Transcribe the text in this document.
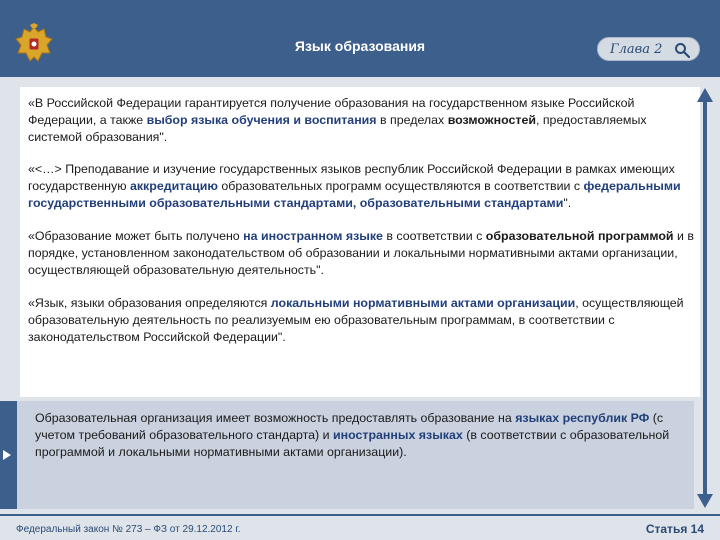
Язык образования	Глава 2

«В Российской Федерации гарантируется получение образования на государственном языке Российской Федерации, а также выбор языка обучения и воспитания в пределах возможностей, предоставляемых системой образования".

«<…> Преподавание и изучение государственных языков республик Российской Федерации в рамках имеющих государственную аккредитацию образовательных программ осуществляются в соответствии с федеральными государственными образовательными стандартами, образовательными стандартами".

«Образование может быть получено на иностранном языке в соответствии с образовательной программой и в порядке, установленном законодательством об образовании и локальными нормативными актами организации, осуществляющей образовательную деятельность".

«Язык, языки образования определяются локальными нормативными актами организации, осуществляющей образовательную деятельность по реализуемым ею образовательным программам, в соответствии с законодательством Российской Федерации".

Образовательная организация имеет возможность предоставлять образование на языках республик РФ (с учетом требований образовательного стандарта) и иностранных языках (в соответствии с образовательной программой и локальными нормативными актами организации).

Федеральный закон № 273 – ФЗ от 29.12.2012 г.	Статья 14
